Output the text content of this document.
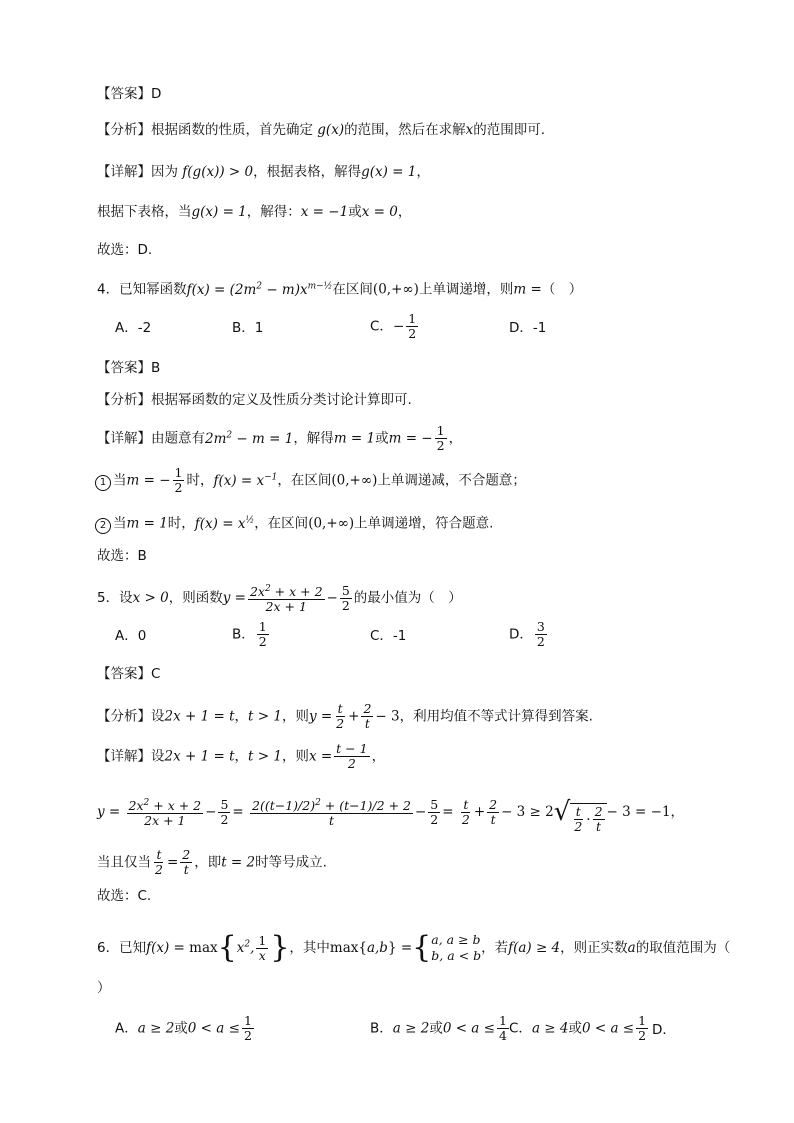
【答案】D
【分析】根据函数的性质，首先确定 g(x)的范围，然后在求解x的范围即可.
【详解】因为 f(g(x)) > 0，根据表格，解得g(x) = 1，
根据下表格，当g(x) = 1，解得：x = −1或x = 0，
故选：D.
4．已知幂函数$f(x) = (2m^2 - m)x^{m-\frac{1}{2}}$在区间(0,+∞)上单调递增，则m =（　）
A．-2	B．1	C．− $\frac{1}{2}$	D．-1
【答案】B
【分析】根据幂函数的定义及性质分类讨论计算即可.
【详解】由题意有$2m^2 - m = 1$，解得m = 1或m = − $\frac{1}{2}$ ，
1 当m = − $\frac{1}{2}$ 时，$f(x) = x^{-1}$，在区间(0,+∞)上单调递减，不合题意；
2 当m = 1时，$f(x) = x^{\frac{1}{2}}$，在区间(0,+∞)上单调递增，符合题意.
故选：B
5．设x > 0，则函数$y = \frac{2x^2 + x + 2}{2x + 1} - \frac{5}{2}$ 的最小值为（　）
A．0	B． $\frac{1}{2}$	C．-1	D． $\frac{3}{2}$
【答案】C
【分析】设2x + 1 = t，t > 1，则$y = \frac{t}{2} + \frac{2}{t} - 3$，利用均值不等式计算得到答案.
【详解】设2x + 1 = t，t > 1，则$x = \frac{t - 1}{2}$ ，
$y = \frac{2x^2 + x + 2}{2x + 1} - \frac{5}{2} = \frac{2((t-1)/2)^2 + (t-1)/2 + 2}{t} - \frac{5}{2} = \frac{t}{2} + \frac{2}{t} - 3 \ge 2√ \frac{t}{2} \cdot \frac{2}{t} - 3 = -1$，
当且仅当 $\frac{t}{2} = \frac{2}{t}$ ，即t = 2时等号成立.
故选：C.
6．已知$f(x) = \max\{x^2$, $\frac{1}{x}$ }，其中max{a,b} ={ a, a ≥ b
b, a < b ，若f(a) ≥ 4，则正实数a的取值范围为（
）
A．a ≥ 2或$0 < a \le \frac{1}{2}$	B．a ≥ 2或$0 < a \le \frac{1}{4}$ C．a ≥ 4或$0 < a \le \frac{1}{2}$ D．
